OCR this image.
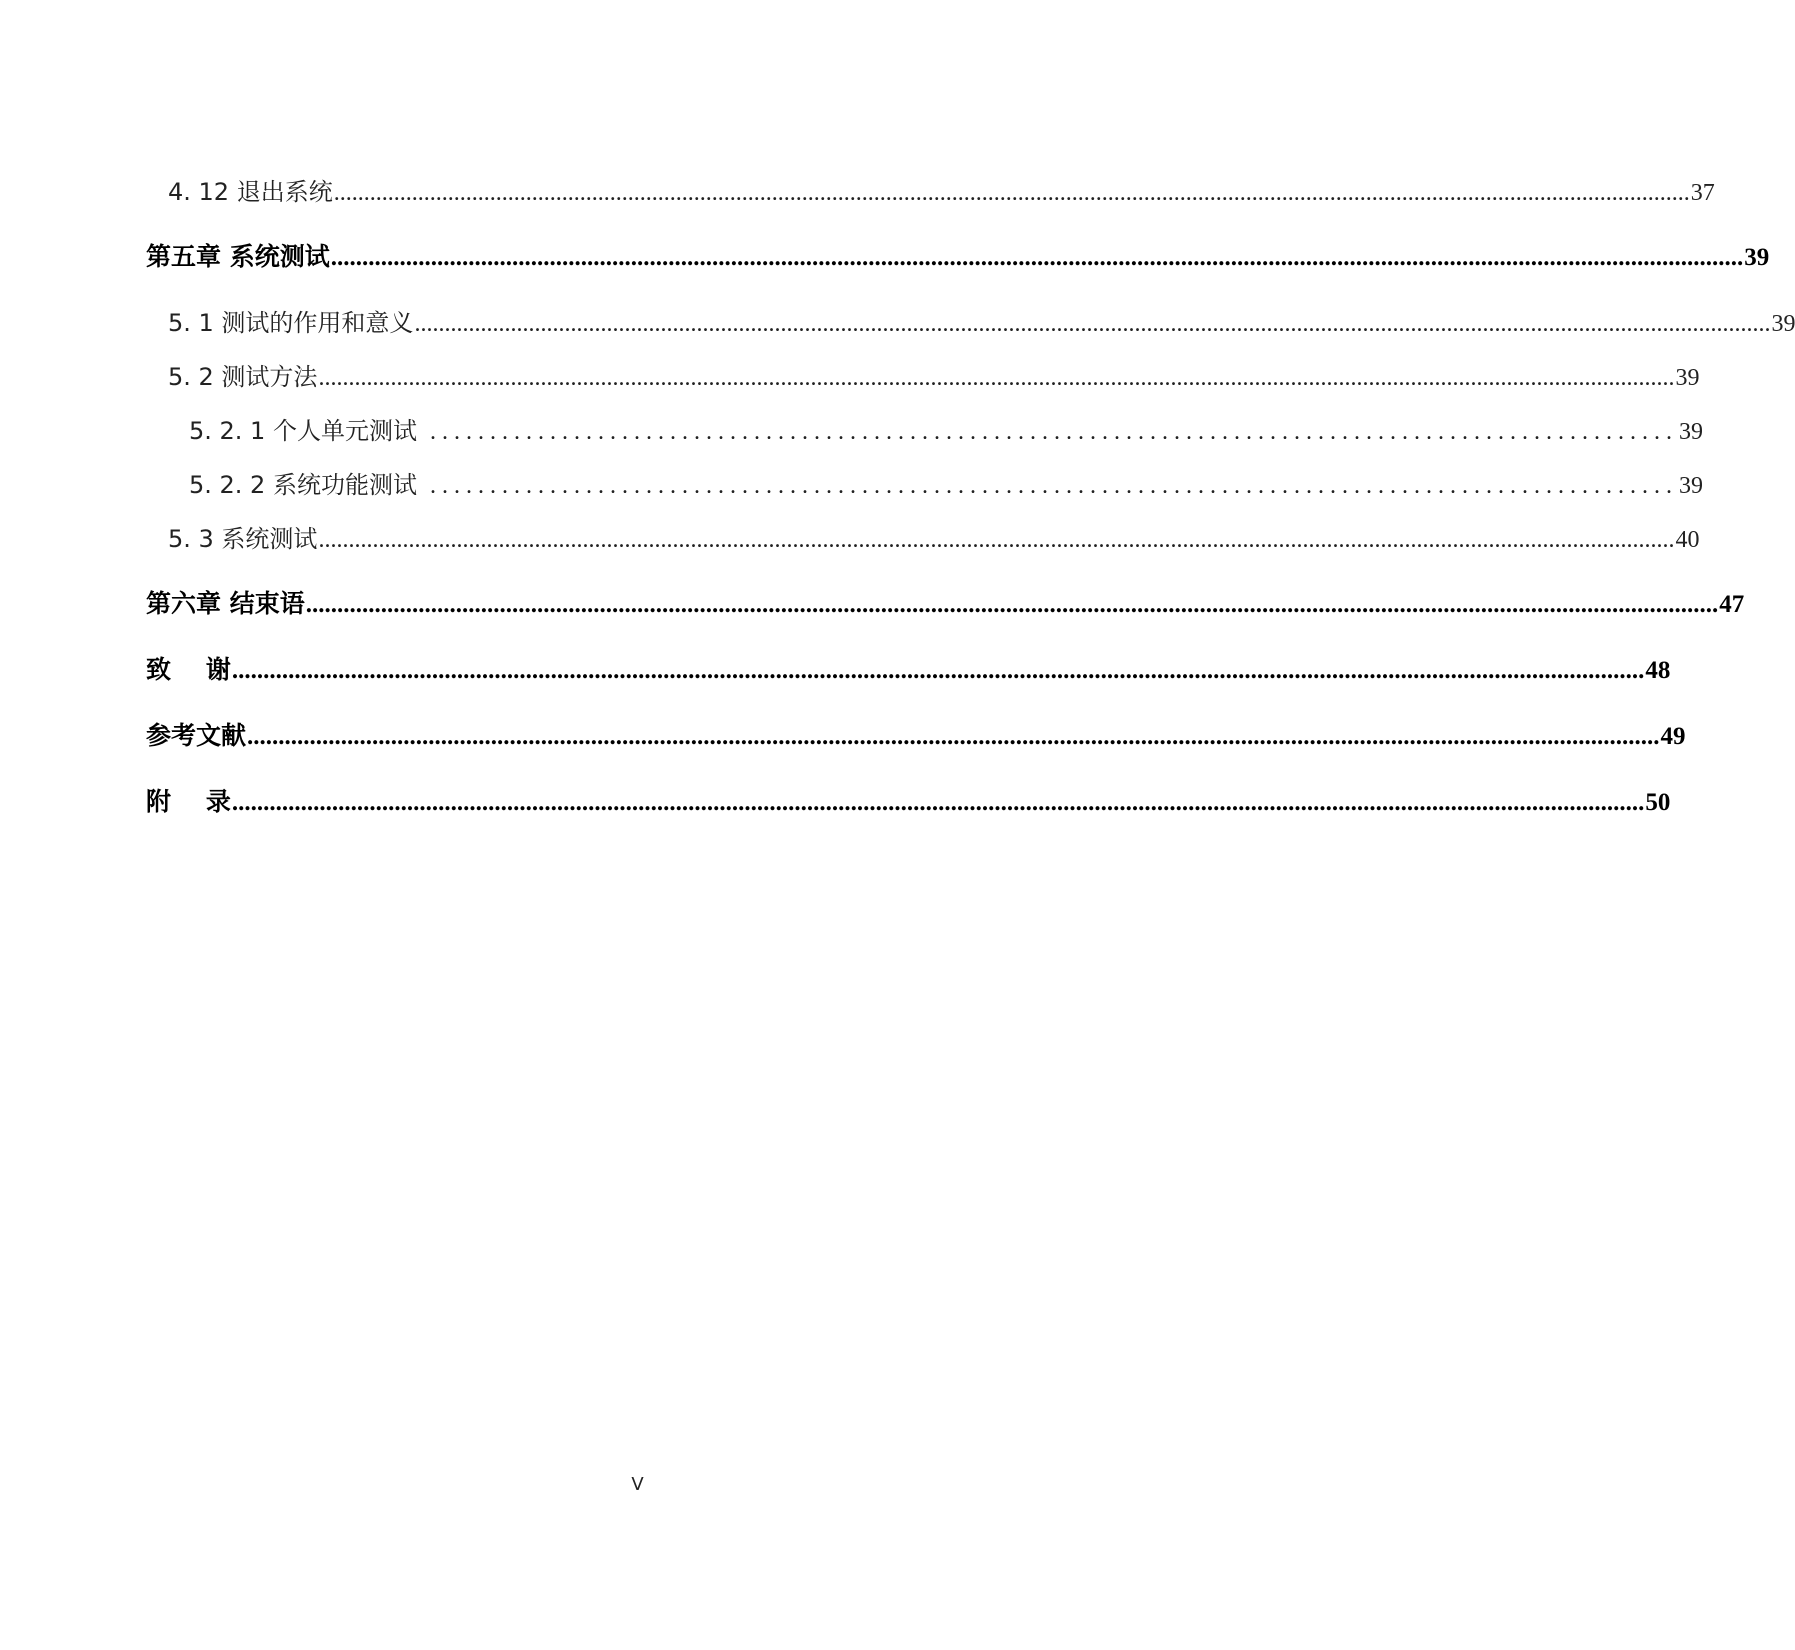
4. 12 退出系统 .................................................................................................................................................................................................................................. 37
第五章 系统测试 .................................................................................................................................................................................................................................. 39
5. 1 测试的作用和意义 .................................................................................................................................................................................................................................. 39
5. 2 测试方法 .................................................................................................................................................................................................................................. 39
5. 2. 1 个人单元测试 ........................................................................................................ 39
5. 2. 2 系统功能测试 ........................................................................................................ 39
5. 3 系统测试 .................................................................................................................................................................................................................................. 40
第六章 结束语 .................................................................................................................................................................................................................................. 47
致    谢 .................................................................................................................................................................................................................................. 48
参考文献 .................................................................................................................................................................................................................................. 49
附    录 .................................................................................................................................................................................................................................. 50
V
